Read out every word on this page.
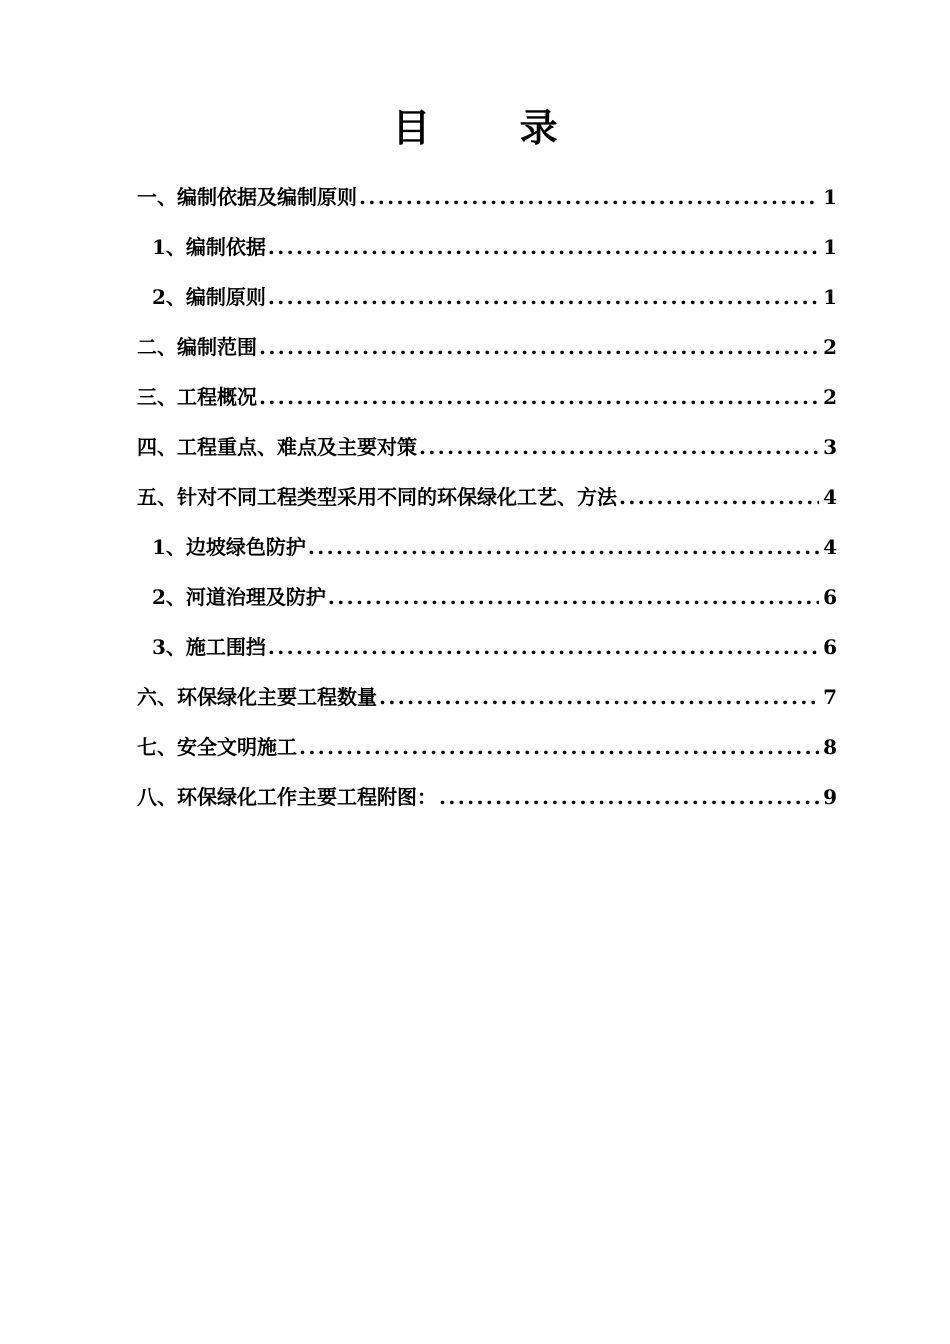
目 录
一、编制依据及编制原则 .....	1
1、编制依据 .....	1
2、编制原则 .....	1
二、编制范围 .....	2
三、工程概况 .....	2
四、工程重点、难点及主要对策 .....	3
五、针对不同工程类型采用不同的环保绿化工艺、方法 .....	4
1、边坡绿色防护 .....	4
2、河道治理及防护 .....	6
3、施工围挡 .....	6
六、环保绿化主要工程数量 .....	7
七、安全文明施工 .....	8
八、环保绿化工作主要工程附图： .....	9
